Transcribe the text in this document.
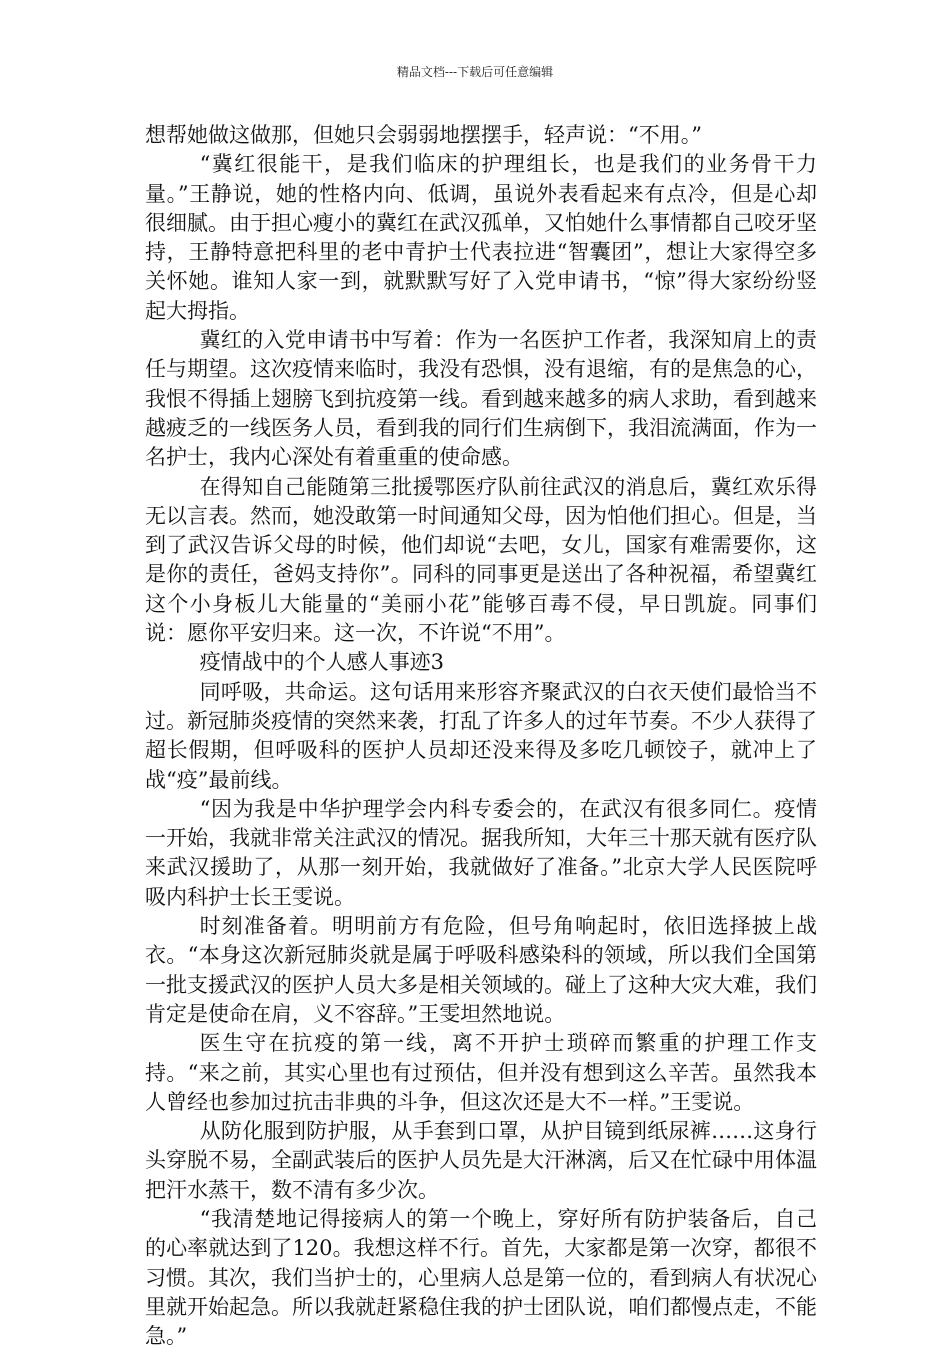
精品文档---下载后可任意编辑

想帮她做这做那，但她只会弱弱地摆摆手，轻声说：“不用。”

“冀红很能干，是我们临床的护理组长，也是我们的业务骨干力量。”王静说，她的性格内向、低调，虽说外表看起来有点冷，但是心却很细腻。由于担心瘦小的冀红在武汉孤单，又怕她什么事情都自己咬牙坚持，王静特意把科里的老中青护士代表拉进“智囊团”，想让大家得空多关怀她。谁知人家一到，就默默写好了入党申请书，“惊”得大家纷纷竖起大拇指。

冀红的入党申请书中写着：作为一名医护工作者，我深知肩上的责任与期望。这次疫情来临时，我没有恐惧，没有退缩，有的是焦急的心，我恨不得插上翅膀飞到抗疫第一线。看到越来越多的病人求助，看到越来越疲乏的一线医务人员，看到我的同行们生病倒下，我泪流满面，作为一名护士，我内心深处有着重重的使命感。

在得知自己能随第三批援鄂医疗队前往武汉的消息后，冀红欢乐得无以言表。然而，她没敢第一时间通知父母，因为怕他们担心。但是，当到了武汉告诉父母的时候，他们却说“去吧，女儿，国家有难需要你，这是你的责任，爸妈支持你”。同科的同事更是送出了各种祝福，希望冀红这个小身板儿大能量的“美丽小花”能够百毒不侵，早日凯旋。同事们说：愿你平安归来。这一次，不许说“不用”。

疫情战中的个人感人事迹3

同呼吸，共命运。这句话用来形容齐聚武汉的白衣天使们最恰当不过。新冠肺炎疫情的突然来袭，打乱了许多人的过年节奏。不少人获得了超长假期，但呼吸科的医护人员却还没来得及多吃几顿饺子，就冲上了战“疫”最前线。

“因为我是中华护理学会内科专委会的，在武汉有很多同仁。疫情一开始，我就非常关注武汉的情况。据我所知，大年三十那天就有医疗队来武汉援助了，从那一刻开始，我就做好了准备。”北京大学人民医院呼吸内科护士长王雯说。

时刻准备着。明明前方有危险，但号角响起时，依旧选择披上战衣。“本身这次新冠肺炎就是属于呼吸科感染科的领域，所以我们全国第一批支援武汉的医护人员大多是相关领域的。碰上了这种大灾大难，我们肯定是使命在肩，义不容辞。”王雯坦然地说。

医生守在抗疫的第一线，离不开护士琐碎而繁重的护理工作支持。“来之前，其实心里也有过预估，但并没有想到这么辛苦。虽然我本人曾经也参加过抗击非典的斗争，但这次还是大不一样。”王雯说。

从防化服到防护服，从手套到口罩，从护目镜到纸尿裤……这身行头穿脱不易，全副武装后的医护人员先是大汗淋漓，后又在忙碌中用体温把汗水蒸干，数不清有多少次。

“我清楚地记得接病人的第一个晚上，穿好所有防护装备后，自己的心率就达到了120。我想这样不行。首先，大家都是第一次穿，都很不习惯。其次，我们当护士的，心里病人总是第一位的，看到病人有状况心里就开始起急。所以我就赶紧稳住我的护士团队说，咱们都慢点走，不能急。”
